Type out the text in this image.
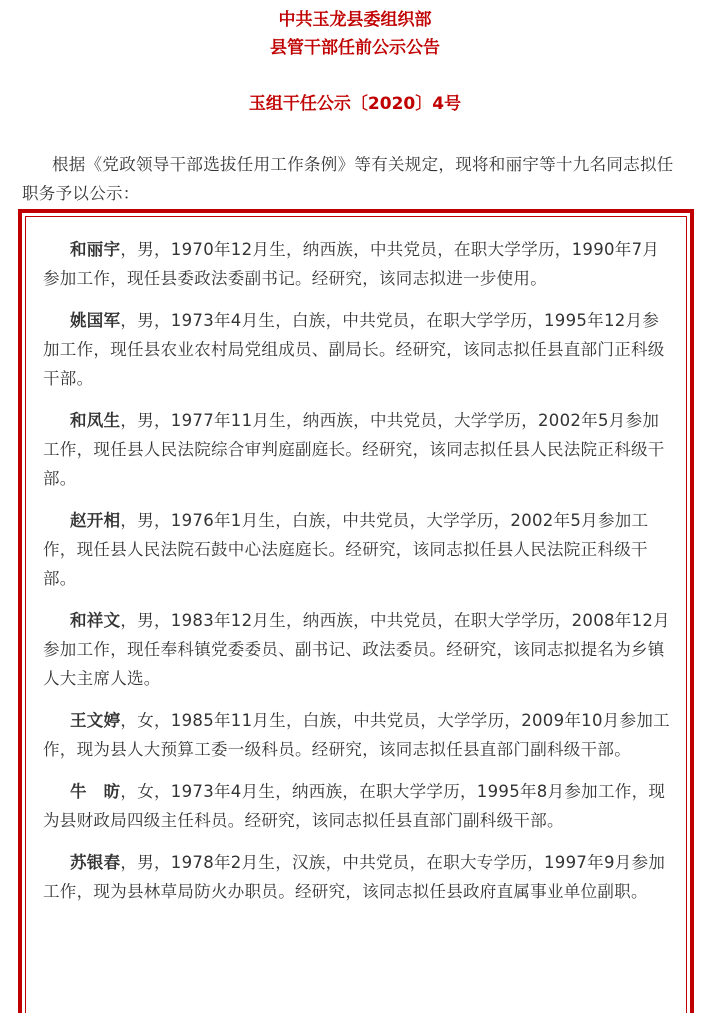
中共玉龙县委组织部
县管干部任前公示公告
玉组干任公示〔2020〕4号
根据《党政领导干部选拔任用工作条例》等有关规定，现将和丽宇等十九名同志拟任职务予以公示：

和丽宇，男，1970年12月生，纳西族，中共党员，在职大学学历，1990年7月参加工作，现任县委政法委副书记。经研究，该同志拟进一步使用。

姚国军，男，1973年4月生，白族，中共党员，在职大学学历，1995年12月参加工作，现任县农业农村局党组成员、副局长。经研究，该同志拟任县直部门正科级干部。

和凤生，男，1977年11月生，纳西族，中共党员，大学学历，2002年5月参加工作，现任县人民法院综合审判庭副庭长。经研究，该同志拟任县人民法院正科级干部。

赵开相，男，1976年1月生，白族，中共党员，大学学历，2002年5月参加工作，现任县人民法院石鼓中心法庭庭长。经研究，该同志拟任县人民法院正科级干部。

和祥文，男，1983年12月生，纳西族，中共党员，在职大学学历，2008年12月参加工作，现任奉科镇党委委员、副书记、政法委员。经研究，该同志拟提名为乡镇人大主席人选。

王文婷，女，1985年11月生，白族，中共党员，大学学历，2009年10月参加工作，现为县人大预算工委一级科员。经研究，该同志拟任县直部门副科级干部。

牛　昉，女，1973年4月生，纳西族，在职大学学历，1995年8月参加工作，现为县财政局四级主任科员。经研究，该同志拟任县直部门副科级干部。

苏银春，男，1978年2月生，汉族，中共党员，在职大专学历，1997年9月参加工作，现为县林草局防火办职员。经研究，该同志拟任县政府直属事业单位副职。
